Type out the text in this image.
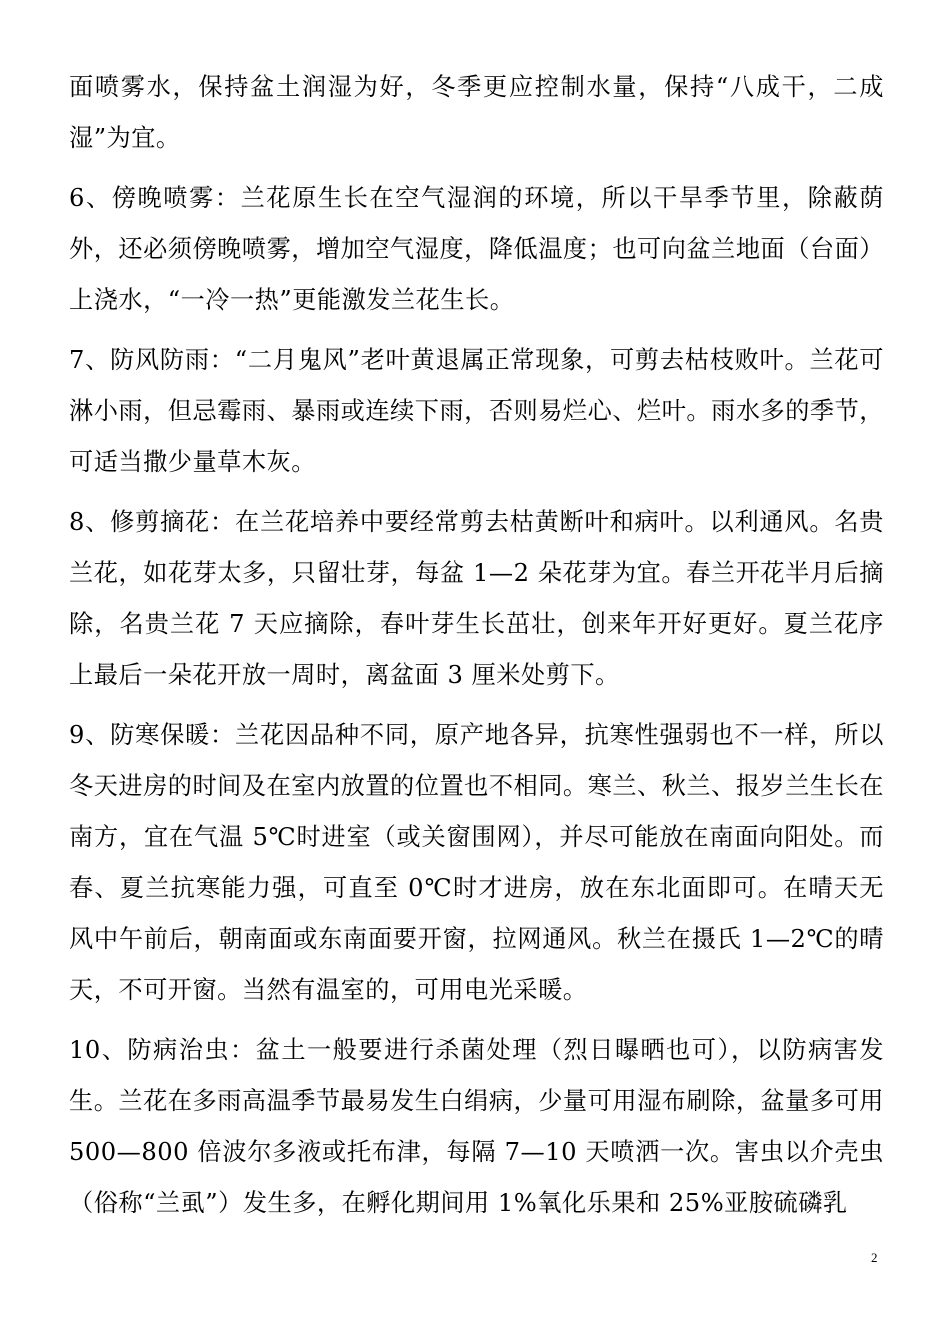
面喷雾水，保持盆土润湿为好，冬季更应控制水量，保持“八成干，二成湿”为宜。

6、傍晚喷雾：兰花原生长在空气湿润的环境，所以干旱季节里，除蔽荫外，还必须傍晚喷雾，增加空气湿度，降低温度；也可向盆兰地面（台面）上浇水，“一冷一热”更能激发兰花生长。

7、防风防雨：“二月鬼风”老叶黄退属正常现象，可剪去枯枝败叶。兰花可淋小雨，但忌霉雨、暴雨或连续下雨，否则易烂心、烂叶。雨水多的季节，可适当撒少量草木灰。

8、修剪摘花：在兰花培养中要经常剪去枯黄断叶和病叶。以利通风。名贵兰花，如花芽太多，只留壮芽，每盆 1—2 朵花芽为宜。春兰开花半月后摘除，名贵兰花 7 天应摘除，春叶芽生长茁壮，创来年开好更好。夏兰花序上最后一朵花开放一周时，离盆面 3 厘米处剪下。

9、防寒保暖：兰花因品种不同，原产地各异，抗寒性强弱也不一样，所以冬天进房的时间及在室内放置的位置也不相同。寒兰、秋兰、报岁兰生长在南方，宜在气温 5℃时进室（或关窗围网），并尽可能放在南面向阳处。而春、夏兰抗寒能力强，可直至 0℃时才进房，放在东北面即可。在晴天无风中午前后，朝南面或东南面要开窗，拉网通风。秋兰在摄氏 1—2℃的晴天，不可开窗。当然有温室的，可用电光采暖。

10、防病治虫：盆土一般要进行杀菌处理（烈日曝晒也可），以防病害发生。兰花在多雨高温季节最易发生白绢病，少量可用湿布刷除，盆量多可用 500—800 倍波尔多液或托布津，每隔 7—10 天喷洒一次。害虫以介壳虫（俗称“兰虱”）发生多，在孵化期间用 1%氧化乐果和 25%亚胺硫磷乳

2
